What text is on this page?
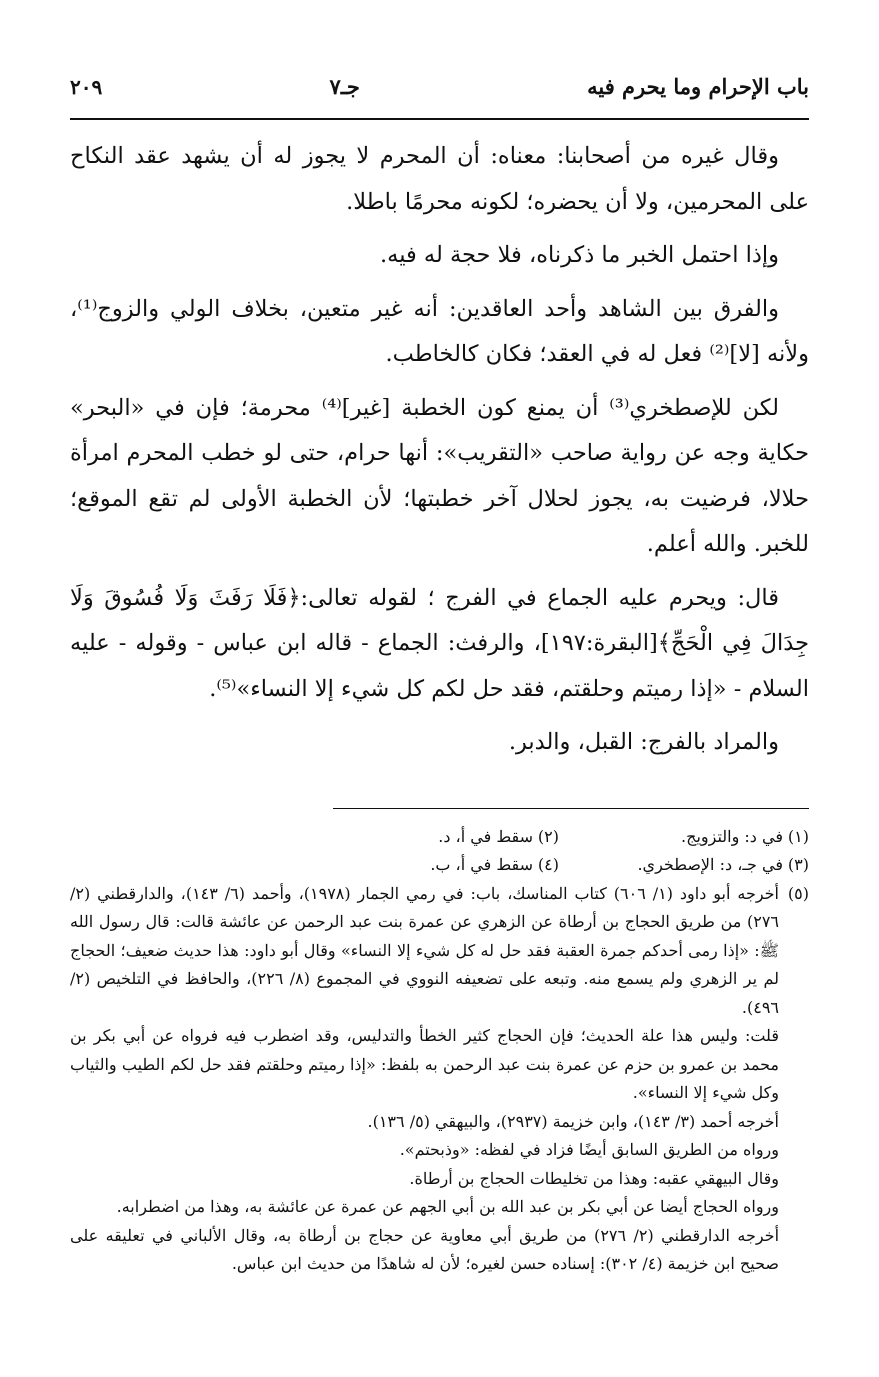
باب الإحرام وما يحرم فيه
جـ٧
٢٠٩

وقال غيره من أصحابنا: معناه: أن المحرم لا يجوز له أن يشهد عقد النكاح على المحرمين، ولا أن يحضره؛ لكونه محرمًا باطلا.

وإذا احتمل الخبر ما ذكرناه، فلا حجة له فيه.

والفرق بين الشاهد وأحد العاقدين: أنه غير متعين، بخلاف الولي والزوج⁽¹⁾، ولأنه [لا]⁽²⁾ فعل له في العقد؛ فكان كالخاطب.

لكن للإصطخري⁽³⁾ أن يمنع كون الخطبة [غير]⁽⁴⁾ محرمة؛ فإن في «البحر» حكاية وجه عن رواية صاحب «التقريب»: أنها حرام، حتى لو خطب المحرم امرأة حلالا، فرضيت به، يجوز لحلال آخر خطبتها؛ لأن الخطبة الأولى لم تقع الموقع؛ للخبر. والله أعلم.

قال: ويحرم عليه الجماع في الفرج ؛ لقوله تعالى:﴿فَلَا رَفَثَ وَلَا فُسُوقَ وَلَا جِدَالَ فِي الْحَجِّ﴾[البقرة:١٩٧]، والرفث: الجماع - قاله ابن عباس - وقوله - عليه السلام - «إذا رميتم وحلقتم، فقد حل لكم كل شيء إلا النساء»⁽⁵⁾.

والمراد بالفرج: القبل، والدبر.

(١)
في د: والتزويج.
(٢)
سقط في أ، د.
(٣)
في جـ، د: الإصطخري.
(٤)
سقط في أ، ب.
(٥)

أخرجه أبو داود (١/ ٦٠٦) كتاب المناسك، باب: في رمي الجمار (١٩٧٨)، وأحمد (٦/ ١٤٣)، والدارقطني (٢/ ٢٧٦) من طريق الحجاج بن أرطاة عن الزهري عن عمرة بنت عبد الرحمن عن عائشة قالت: قال رسول الله ﷺ: «إذا رمى أحدكم جمرة العقبة فقد حل له كل شيء إلا النساء» وقال أبو داود: هذا حديث ضعيف؛ الحجاج لم ير الزهري ولم يسمع منه. وتبعه على تضعيفه النووي في المجموع (٨/ ٢٢٦)، والحافظ في التلخيص (٢/ ٤٩٦).

قلت: وليس هذا علة الحديث؛ فإن الحجاج كثير الخطأ والتدليس، وقد اضطرب فيه فرواه عن أبي بكر بن محمد بن عمرو بن حزم عن عمرة بنت عبد الرحمن به بلفظ: «إذا رميتم وحلقتم فقد حل لكم الطيب والثياب وكل شيء إلا النساء».

أخرجه أحمد (٣/ ١٤٣)، وابن خزيمة (٢٩٣٧)، والبيهقي (٥/ ١٣٦).

ورواه من الطريق السابق أيضًا فزاد في لفظه: «وذبحتم».

وقال البيهقي عقبه: وهذا من تخليطات الحجاج بن أرطاة.

ورواه الحجاج أيضا عن أبي بكر بن عبد الله بن أبي الجهم عن عمرة عن عائشة به، وهذا من اضطرابه.

أخرجه الدارقطني (٢/ ٢٧٦) من طريق أبي معاوية عن حجاج بن أرطاة به، وقال الألباني في تعليقه على صحيح ابن خزيمة (٤/ ٣٠٢): إسناده حسن لغيره؛ لأن له شاهدًا من حديث ابن عباس.
